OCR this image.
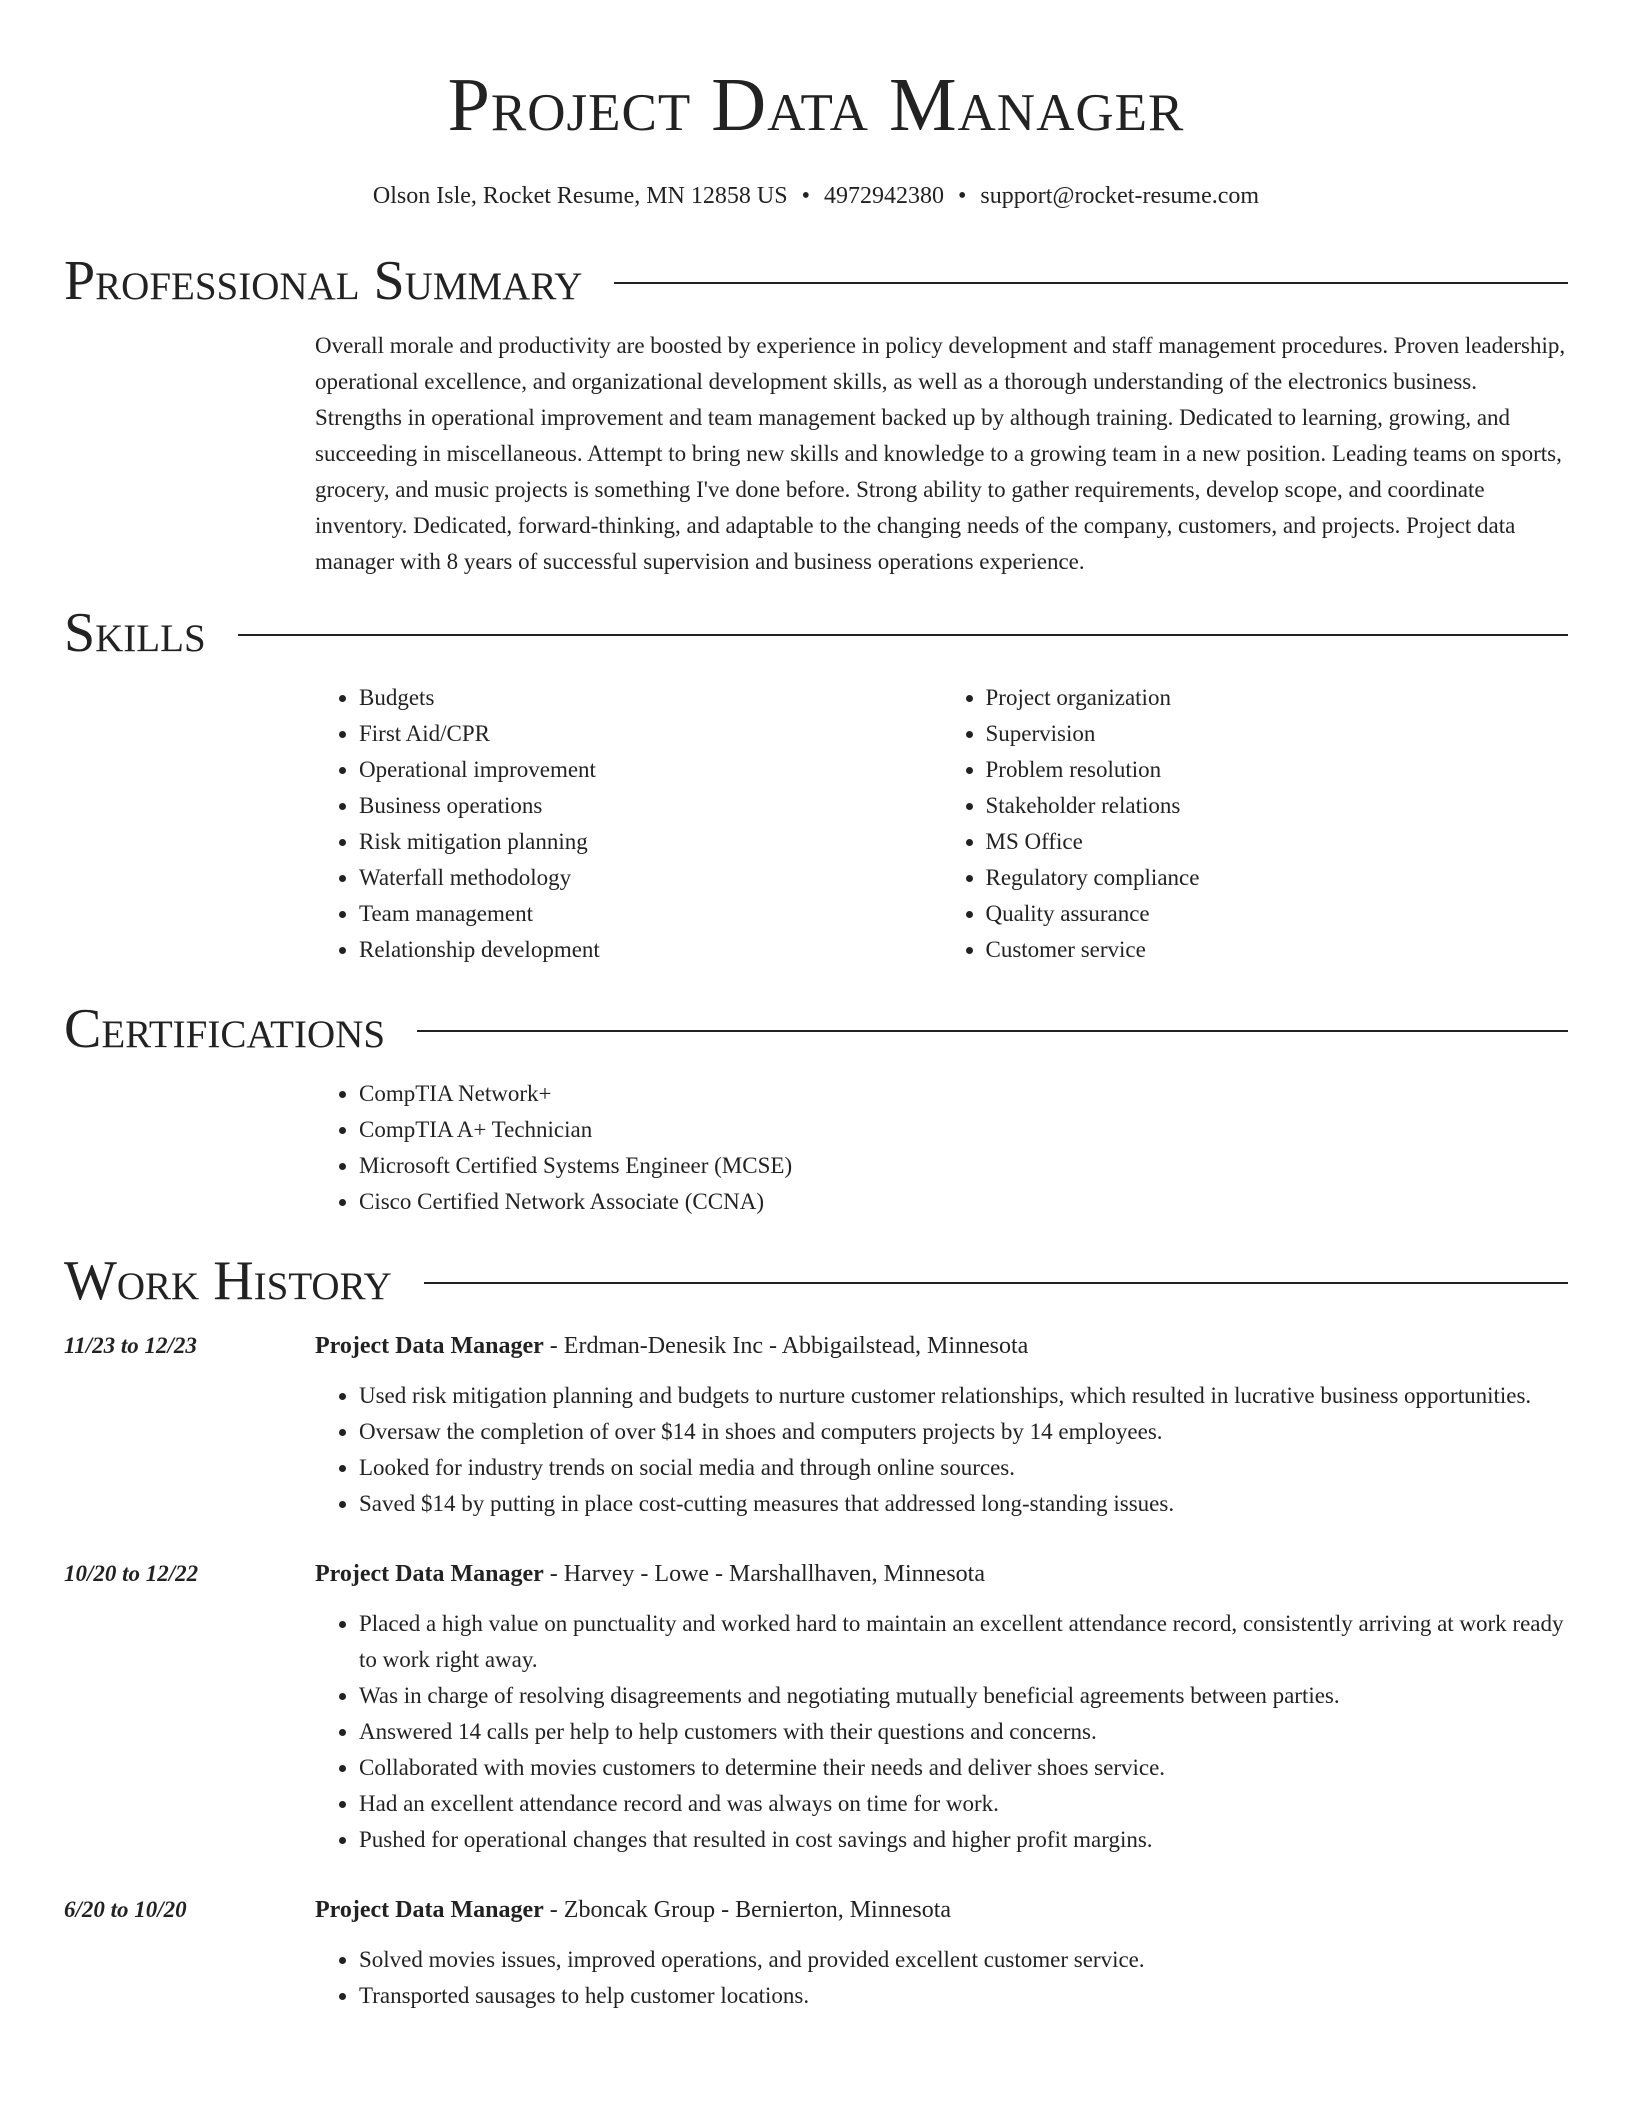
Project Data Manager
Olson Isle, Rocket Resume, MN 12858 US • 4972942380 • support@rocket-resume.com
Professional Summary

Overall morale and productivity are boosted by experience in policy development and staff management procedures. Proven leadership, operational excellence, and organizational development skills, as well as a thorough understanding of the electronics business. Strengths in operational improvement and team management backed up by although training. Dedicated to learning, growing, and succeeding in miscellaneous. Attempt to bring new skills and knowledge to a growing team in a new position. Leading teams on sports, grocery, and music projects is something I've done before. Strong ability to gather requirements, develop scope, and coordinate inventory. Dedicated, forward-thinking, and adaptable to the changing needs of the company, customers, and projects. Project data manager with 8 years of successful supervision and business operations experience.

Skills
• Budgets
• First Aid/CPR
• Operational improvement
• Business operations
• Risk mitigation planning
• Waterfall methodology
• Team management
• Relationship development
• Project organization
• Supervision
• Problem resolution
• Stakeholder relations
• MS Office
• Regulatory compliance
• Quality assurance
• Customer service
Certifications
• CompTIA Network+
• CompTIA A+ Technician
• Microsoft Certified Systems Engineer (MCSE)
• Cisco Certified Network Associate (CCNA)
Work History
11/23 to 12/23	Project Data Manager - Erdman-Denesik Inc - Abbigailstead, Minnesota
• Used risk mitigation planning and budgets to nurture customer relationships, which resulted in lucrative business opportunities.
• Oversaw the completion of over $14 in shoes and computers projects by 14 employees.
• Looked for industry trends on social media and through online sources.
• Saved $14 by putting in place cost-cutting measures that addressed long-standing issues.
10/20 to 12/22	Project Data Manager - Harvey - Lowe - Marshallhaven, Minnesota
• Placed a high value on punctuality and worked hard to maintain an excellent attendance record, consistently arriving at work ready to work right away.
• Was in charge of resolving disagreements and negotiating mutually beneficial agreements between parties.
• Answered 14 calls per help to help customers with their questions and concerns.
• Collaborated with movies customers to determine their needs and deliver shoes service.
• Had an excellent attendance record and was always on time for work.
• Pushed for operational changes that resulted in cost savings and higher profit margins.
6/20 to 10/20	Project Data Manager - Zboncak Group - Bernierton, Minnesota
• Solved movies issues, improved operations, and provided excellent customer service.
• Transported sausages to help customer locations.
